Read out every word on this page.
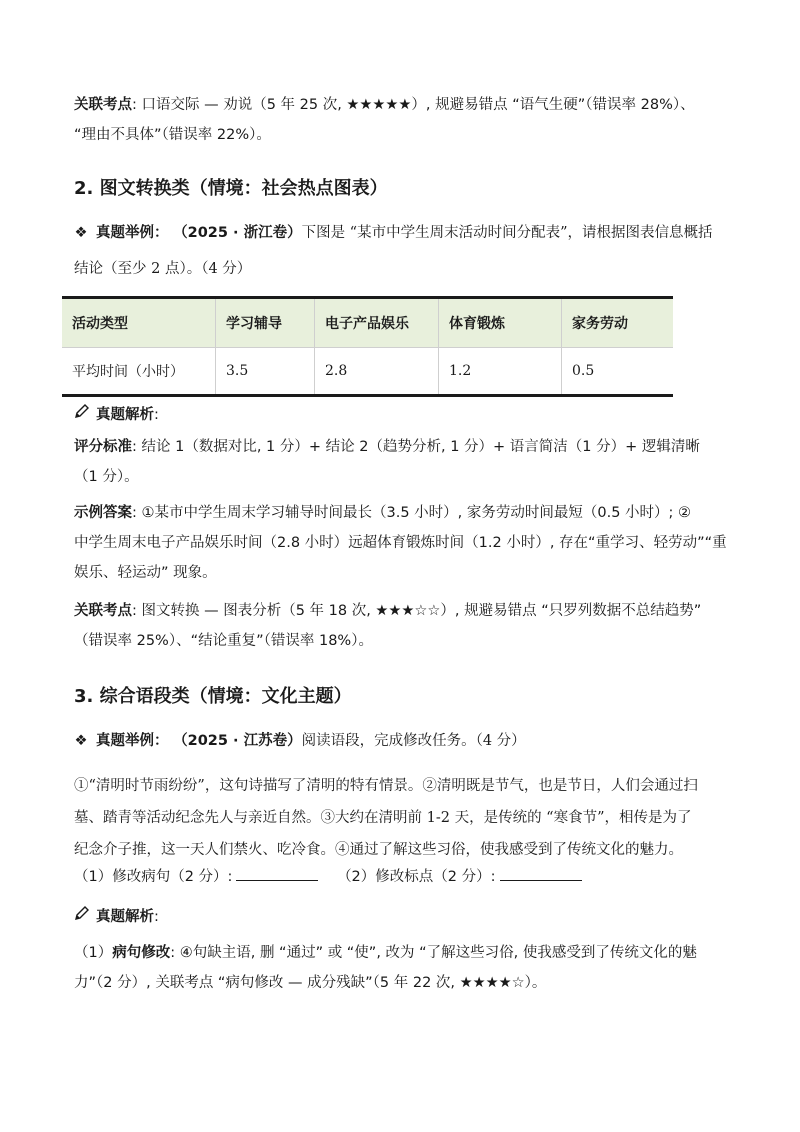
关联考点: 口语交际 — 劝说（5 年 25 次, ★★★★★）, 规避易错点 “语气生硬”（错误率 28%）、
“理由不具体”（错误率 22%）。
2. 图文转换类（情境：社会热点图表）
❖ 真题举例： （2025 · 浙江卷）下图是 “某市中学生周末活动时间分配表”，请根据图表信息概括
结论（至少 2 点）。（4 分）
活动类型	学习辅导	电子产品娱乐	体育锻炼	家务劳动
平均时间（小时）	3.5	2.8	1.2	0.5
真题解析:
评分标准: 结论 1（数据对比, 1 分）+ 结论 2（趋势分析, 1 分）+ 语言简洁（1 分）+ 逻辑清晰
（1 分）。
示例答案: ①某市中学生周末学习辅导时间最长（3.5 小时）, 家务劳动时间最短（0.5 小时）; ②
中学生周末电子产品娱乐时间（2.8 小时）远超体育锻炼时间（1.2 小时）, 存在“重学习、轻劳动”“重
娱乐、轻运动” 现象。
关联考点: 图文转换 — 图表分析（5 年 18 次, ★★★☆☆）, 规避易错点 “只罗列数据不总结趋势”
（错误率 25%）、“结论重复”（错误率 18%）。
3. 综合语段类（情境：文化主题）
❖ 真题举例： （2025 · 江苏卷）阅读语段，完成修改任务。（4 分）
①“清明时节雨纷纷”，这句诗描写了清明的特有情景。②清明既是节气，也是节日，人们会通过扫
墓、踏青等活动纪念先人与亲近自然。③大约在清明前 1-2 天，是传统的 “寒食节”，相传是为了
纪念介子推，这一天人们禁火、吃冷食。④通过了解这些习俗，使我感受到了传统文化的魅力。
（1）修改病句（2 分）:	（2）修改标点（2 分）:
真题解析:
（1）病句修改: ④句缺主语, 删 “通过” 或 “使”, 改为 “了解这些习俗, 使我感受到了传统文化的魅
力”（2 分）, 关联考点 “病句修改 — 成分残缺”（5 年 22 次, ★★★★☆）。
